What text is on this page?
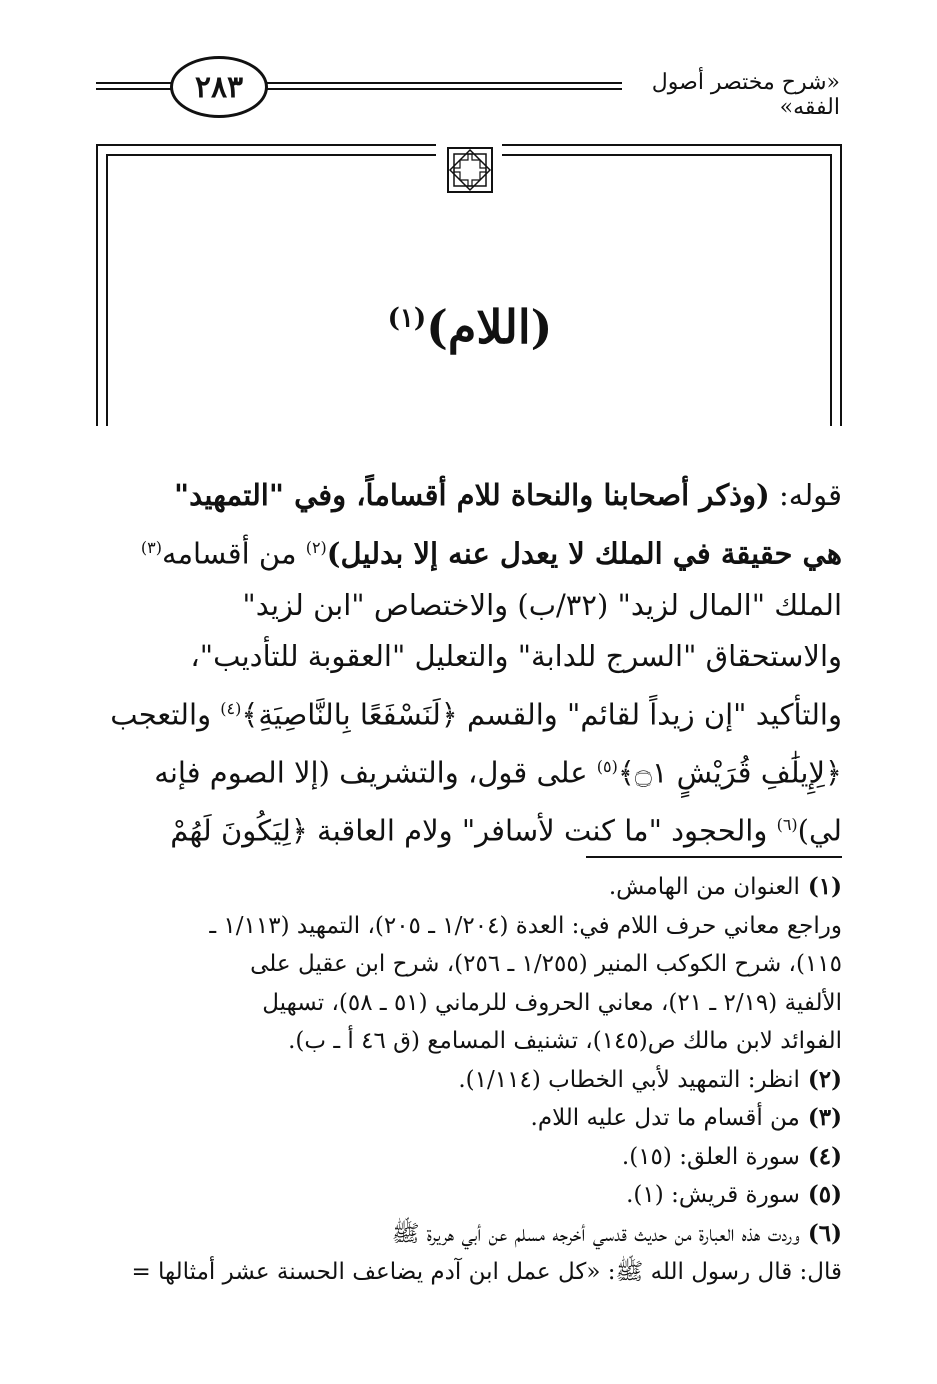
٢٨٣	«شرح مختصر أصول الفقه»
(اللام)$^{(١)}$

قوله: (وذكر أصحابنا والنحاة للام أقساماً، وفي "التمهيد"

هي حقيقة في الملك لا يعدل عنه إلا بدليل)$^{(٢)}$ من أقسامه$^{(٣)}$

الملك "المال لزيد" (٣٢/ب) والاختصاص "ابن لزيد"

والاستحقاق "السرج للدابة" والتعليل "العقوبة للتأديب"،

والتأكيد "إن زيداً لقائم" والقسم ﴿لَنَسْفَعًا بِالنَّاصِيَةِ﴾$^{(٤)}$ والتعجب

﴿لِإِيلَٰفِ قُرَيْشٍ ۝١﴾$^{(٥)}$ على قول، والتشريف (إلا الصوم فإنه

لي)$^{(٦)}$ والحجود "ما كنت لأسافر" ولام العاقبة ﴿لِيَكُونَ لَهُمْ

(١)العنوان من الهامش.

وراجع معاني حرف اللام في: العدة (١/٢٠٤ ـ ٢٠٥)، التمهيد (١/١١٣ ـ

١١٥)، شرح الكوكب المنير (١/٢٥٥ ـ ٢٥٦)، شرح ابن عقيل على

الألفية (٢/١٩ ـ ٢١)، معاني الحروف للرماني (٥١ ـ ٥٨)، تسهيل

الفوائد لابن مالك ص(١٤٥)، تشنيف المسامع (ق ٤٦ أ ـ ب).

(٢)انظر: التمهيد لأبي الخطاب (١/١١٤).

(٣)من أقسام ما تدل عليه اللام.

(٤)سورة العلق: (١٥).

(٥)سورة قريش: (١).

(٦)وردت هذه العبارة من حديث قدسي أخرجه مسلم عن أبي هريرة ﷺ

قال: قال رسول الله ﷺ: «كل عمل ابن آدم يضاعف الحسنة عشر أمثالها =
